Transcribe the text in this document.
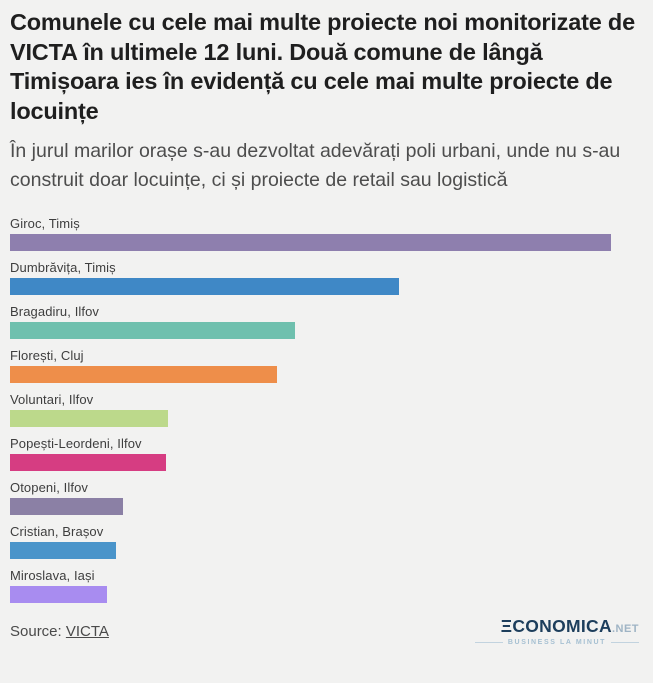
Comunele cu cele mai multe proiecte noi monitorizate de VICTA în ultimele 12 luni. Două comune de lângă Timișoara ies în evidență cu cele mai multe proiecte de locuințe

În jurul marilor orașe s-au dezvoltat adevărați poli urbani, unde nu s-au construit doar locuințe, ci și proiecte de retail sau logistică

Giroc, Timiș
Dumbrăvița, Timiș
Bragadiru, Ilfov
Florești, Cluj
Voluntari, Ilfov
Popești-Leordeni, Ilfov
Otopeni, Ilfov
Cristian, Brașov
Miroslava, Iași
Source: VICTA	ΞCONOMICA.NET
BUSINESS LA MINUT
